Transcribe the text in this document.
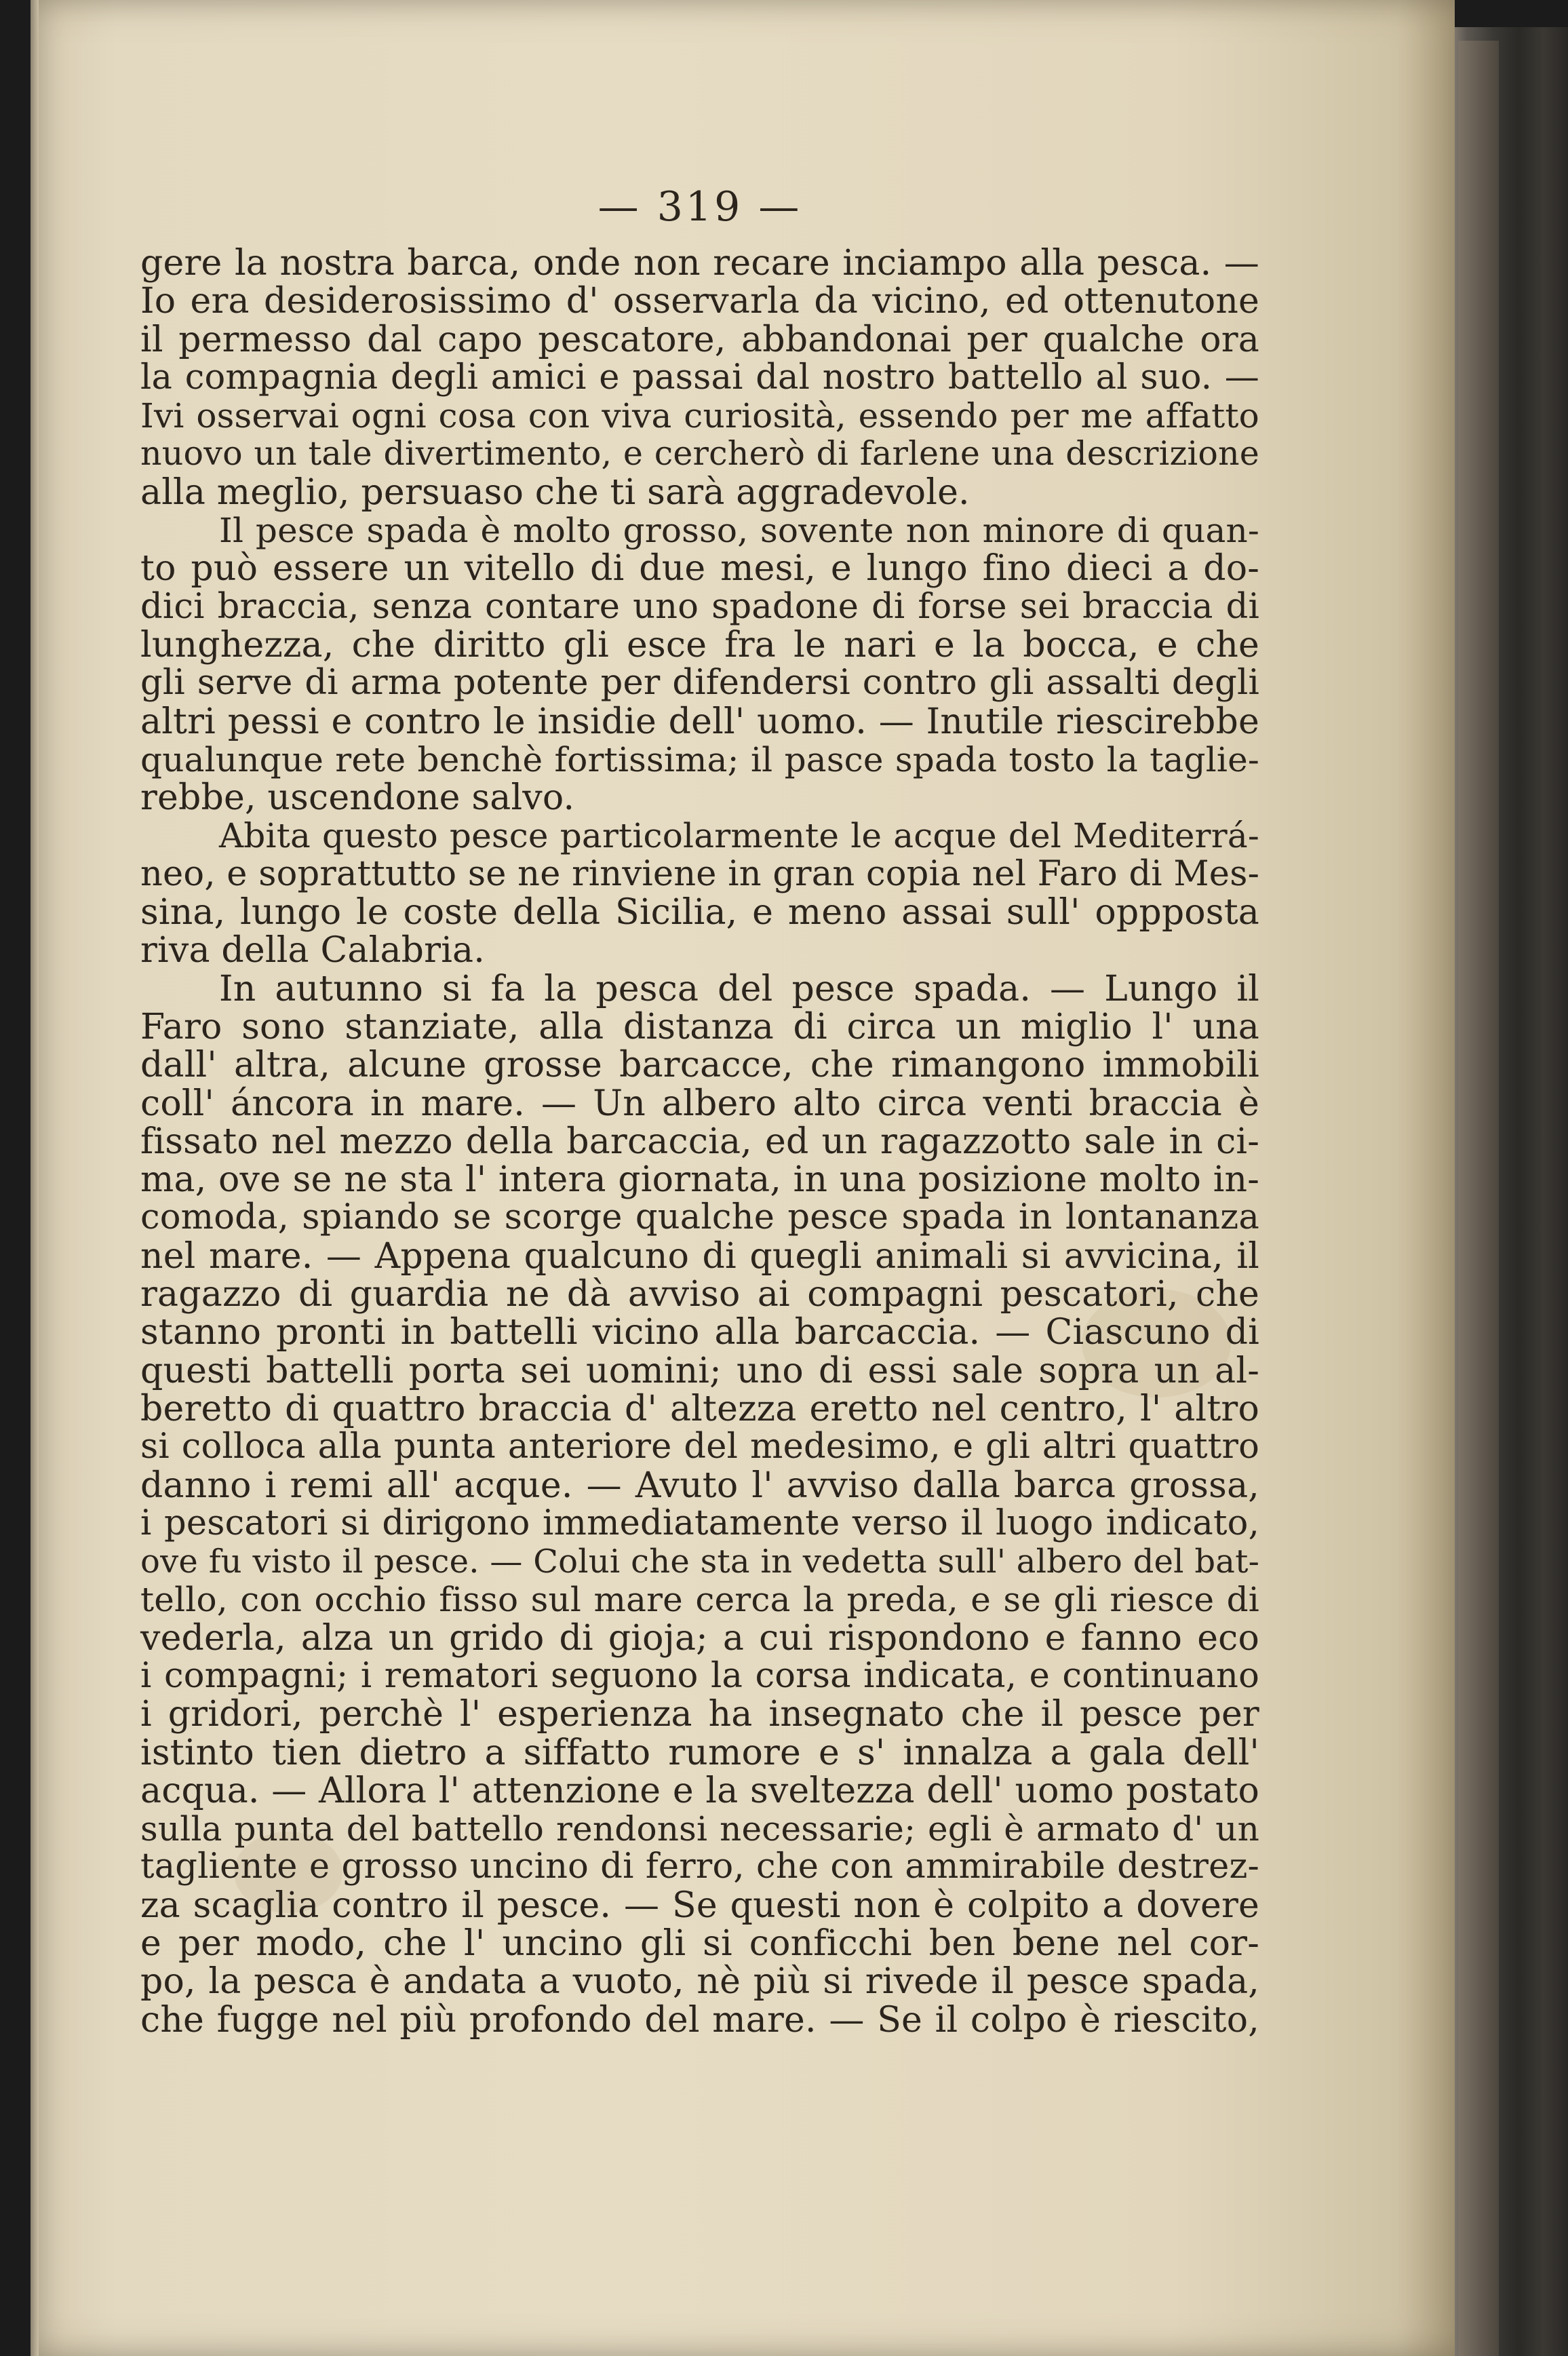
— 319 —
gere la nostra barca, onde non recare inciampo alla pesca. —
Io era desiderosissimo d' osservarla da vicino, ed ottenutone
il permesso dal capo pescatore, abbandonai per qualche ora
la compagnia degli amici e passai dal nostro battello al suo. —
Ivi osservai ogni cosa con viva curiosità, essendo per me affatto
nuovo un tale divertimento, e cercherò di farlene una descrizione
alla meglio, persuaso che ti sarà aggradevole.
Il pesce spada è molto grosso, sovente non minore di quan-
to può essere un vitello di due mesi, e lungo fino dieci a do-
dici braccia, senza contare uno spadone di forse sei braccia di
lunghezza, che diritto gli esce fra le nari e la bocca, e che
gli serve di arma potente per difendersi contro gli assalti degli
altri pessi e contro le insidie dell' uomo. — Inutile riescirebbe
qualunque rete benchè fortissima; il pasce spada tosto la taglie-
rebbe, uscendone salvo.
Abita questo pesce particolarmente le acque del Mediterrá-
neo, e soprattutto se ne rinviene in gran copia nel Faro di Mes-
sina, lungo le coste della Sicilia, e meno assai sull' oppposta
riva della Calabria.
In autunno si fa la pesca del pesce spada. — Lungo il
Faro sono stanziate, alla distanza di circa un miglio l' una
dall' altra, alcune grosse barcacce, che rimangono immobili
coll' áncora in mare. — Un albero alto circa venti braccia è
fissato nel mezzo della barcaccia, ed un ragazzotto sale in ci-
ma, ove se ne sta l' intera giornata, in una posizione molto in-
comoda, spiando se scorge qualche pesce spada in lontananza
nel mare. — Appena qualcuno di quegli animali si avvicina, il
ragazzo di guardia ne dà avviso ai compagni pescatori, che
stanno pronti in battelli vicino alla barcaccia. — Ciascuno di
questi battelli porta sei uomini; uno di essi sale sopra un al-
beretto di quattro braccia d' altezza eretto nel centro, l' altro
si colloca alla punta anteriore del medesimo, e gli altri quattro
danno i remi all' acque. — Avuto l' avviso dalla barca grossa,
i pescatori si dirigono immediatamente verso il luogo indicato,
ove fu visto il pesce. — Colui che sta in vedetta sull' albero del bat-
tello, con occhio fisso sul mare cerca la preda, e se gli riesce di
vederla, alza un grido di gioja; a cui rispondono e fanno eco
i compagni; i rematori seguono la corsa indicata, e continuano
i gridori, perchè l' esperienza ha insegnato che il pesce per
istinto tien dietro a siffatto rumore e s' innalza a gala dell'
acqua. — Allora l' attenzione e la sveltezza dell' uomo postato
sulla punta del battello rendonsi necessarie; egli è armato d' un
tagliente e grosso uncino di ferro, che con ammirabile destrez-
za scaglia contro il pesce. — Se questi non è colpito a dovere
e per modo, che l' uncino gli si conficchi ben bene nel cor-
po, la pesca è andata a vuoto, nè più si rivede il pesce spada,
che fugge nel più profondo del mare. — Se il colpo è riescito,
